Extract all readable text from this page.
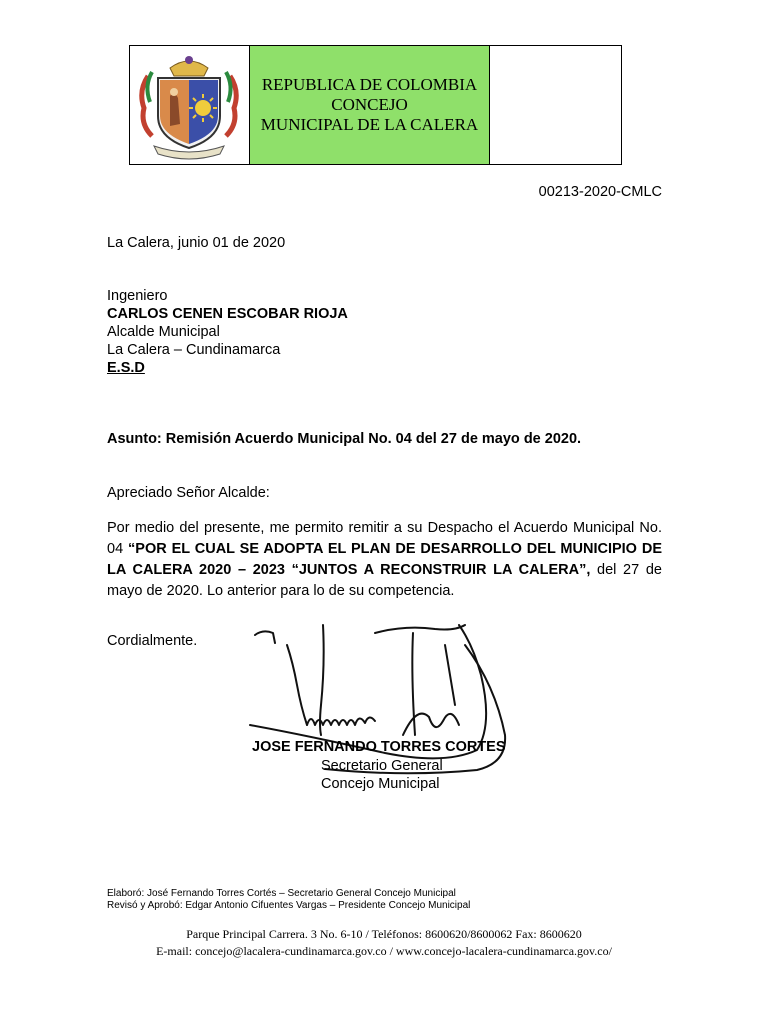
REPUBLICA DE COLOMBIA
CONCEJO
MUNICIPAL DE LA CALERA
00213-2020-CMLC
La Calera, junio 01 de 2020
Ingeniero
CARLOS CENEN ESCOBAR RIOJA
Alcalde Municipal
La Calera – Cundinamarca
E.S.D
Asunto: Remisión Acuerdo Municipal No. 04 del 27 de mayo de 2020.
Apreciado Señor Alcalde:
Por medio del presente, me permito remitir a su Despacho el Acuerdo Municipal No. 04 “POR EL CUAL SE ADOPTA EL PLAN DE DESARROLLO DEL MUNICIPIO DE LA CALERA 2020 – 2023 “JUNTOS A RECONSTRUIR LA CALERA”, del 27 de mayo de 2020. Lo anterior para lo de su competencia.
Cordialmente.
JOSE FERNANDO TORRES CORTES
Secretario General
Concejo Municipal
Elaboró: José Fernando Torres Cortés – Secretario General Concejo Municipal
Revisó y Aprobó: Edgar Antonio Cifuentes Vargas – Presidente Concejo Municipal
Parque Principal Carrera. 3 No. 6-10 / Teléfonos: 8600620/8600062 Fax: 8600620
E-mail: concejo@lacalera-cundinamarca.gov.co / www.concejo-lacalera-cundinamarca.gov.co/
